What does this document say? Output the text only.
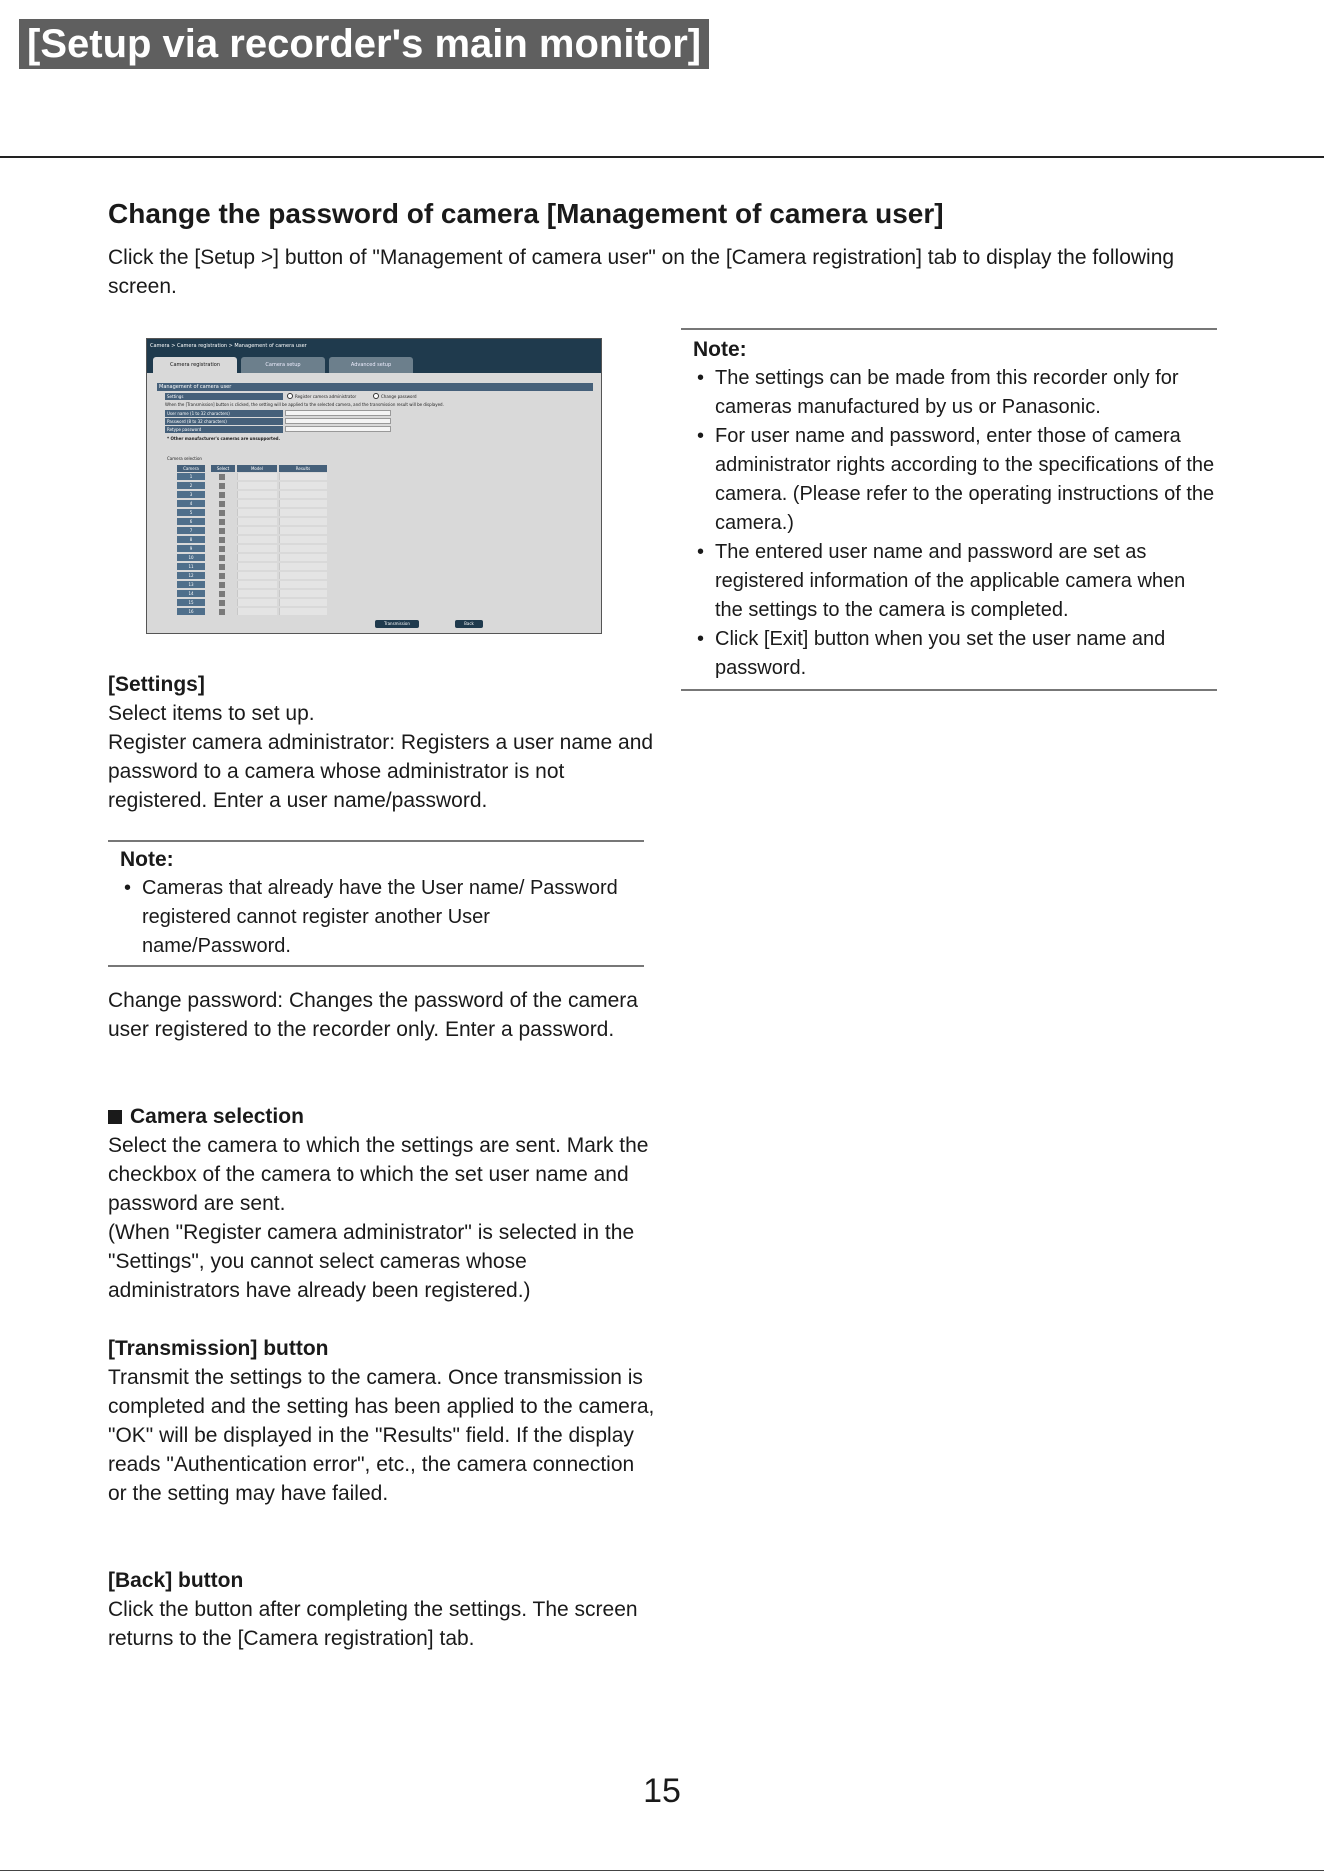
[Setup via recorder's main monitor]
Change the password of camera [Management of camera user]
Click the [Setup >] button of "Management of camera user" on the [Camera registration] tab to display the following screen.
Camera > Camera registration > Management of camera user
Camera registration	Camera setup	Advanced setup
Management of camera user
Settings	Register camera administrator	Change password
When the [Transmission] button is clicked, the setting will be applied to the selected camera, and the transmission result will be displayed.
User name (1 to 32 characters)
Password (8 to 32 characters)
Retype password
* Other manufacturer's cameras are unsupported.
Camera selection
Camera	Select	Model	Results
1
2
3
4
5
6
7
8
9
10
11
12
13
14
15
16
Transmission	Back
Note:
• The settings can be made from this recorder only for cameras manufactured by us or Panasonic.
• For user name and password, enter those of camera administrator rights according to the specifications of the camera. (Please refer to the operating instructions of the camera.)
• The entered user name and password are set as registered information of the applicable camera when the settings to the camera is completed.
• Click [Exit] button when you set the user name and password.

[Settings]

Select items to set up.

Register camera administrator: Registers a user name and password to a camera whose administrator is not registered. Enter a user name/password.

Note:
• Cameras that already have the User name/ Password registered cannot register another User name/Password.

Change password: Changes the password of the camera user registered to the recorder only. Enter a password.

Camera selection

Select the camera to which the settings are sent. Mark the checkbox of the camera to which the set user name and password are sent.

(When "Register camera administrator" is selected in the "Settings", you cannot select cameras whose administrators have already been registered.)

[Transmission] button

Transmit the settings to the camera. Once transmission is completed and the setting has been applied to the camera, "OK" will be displayed in the "Results" field. If the display reads "Authentication error", etc., the camera connection or the setting may have failed.

[Back] button

Click the button after completing the settings. The screen returns to the [Camera registration] tab.

15
